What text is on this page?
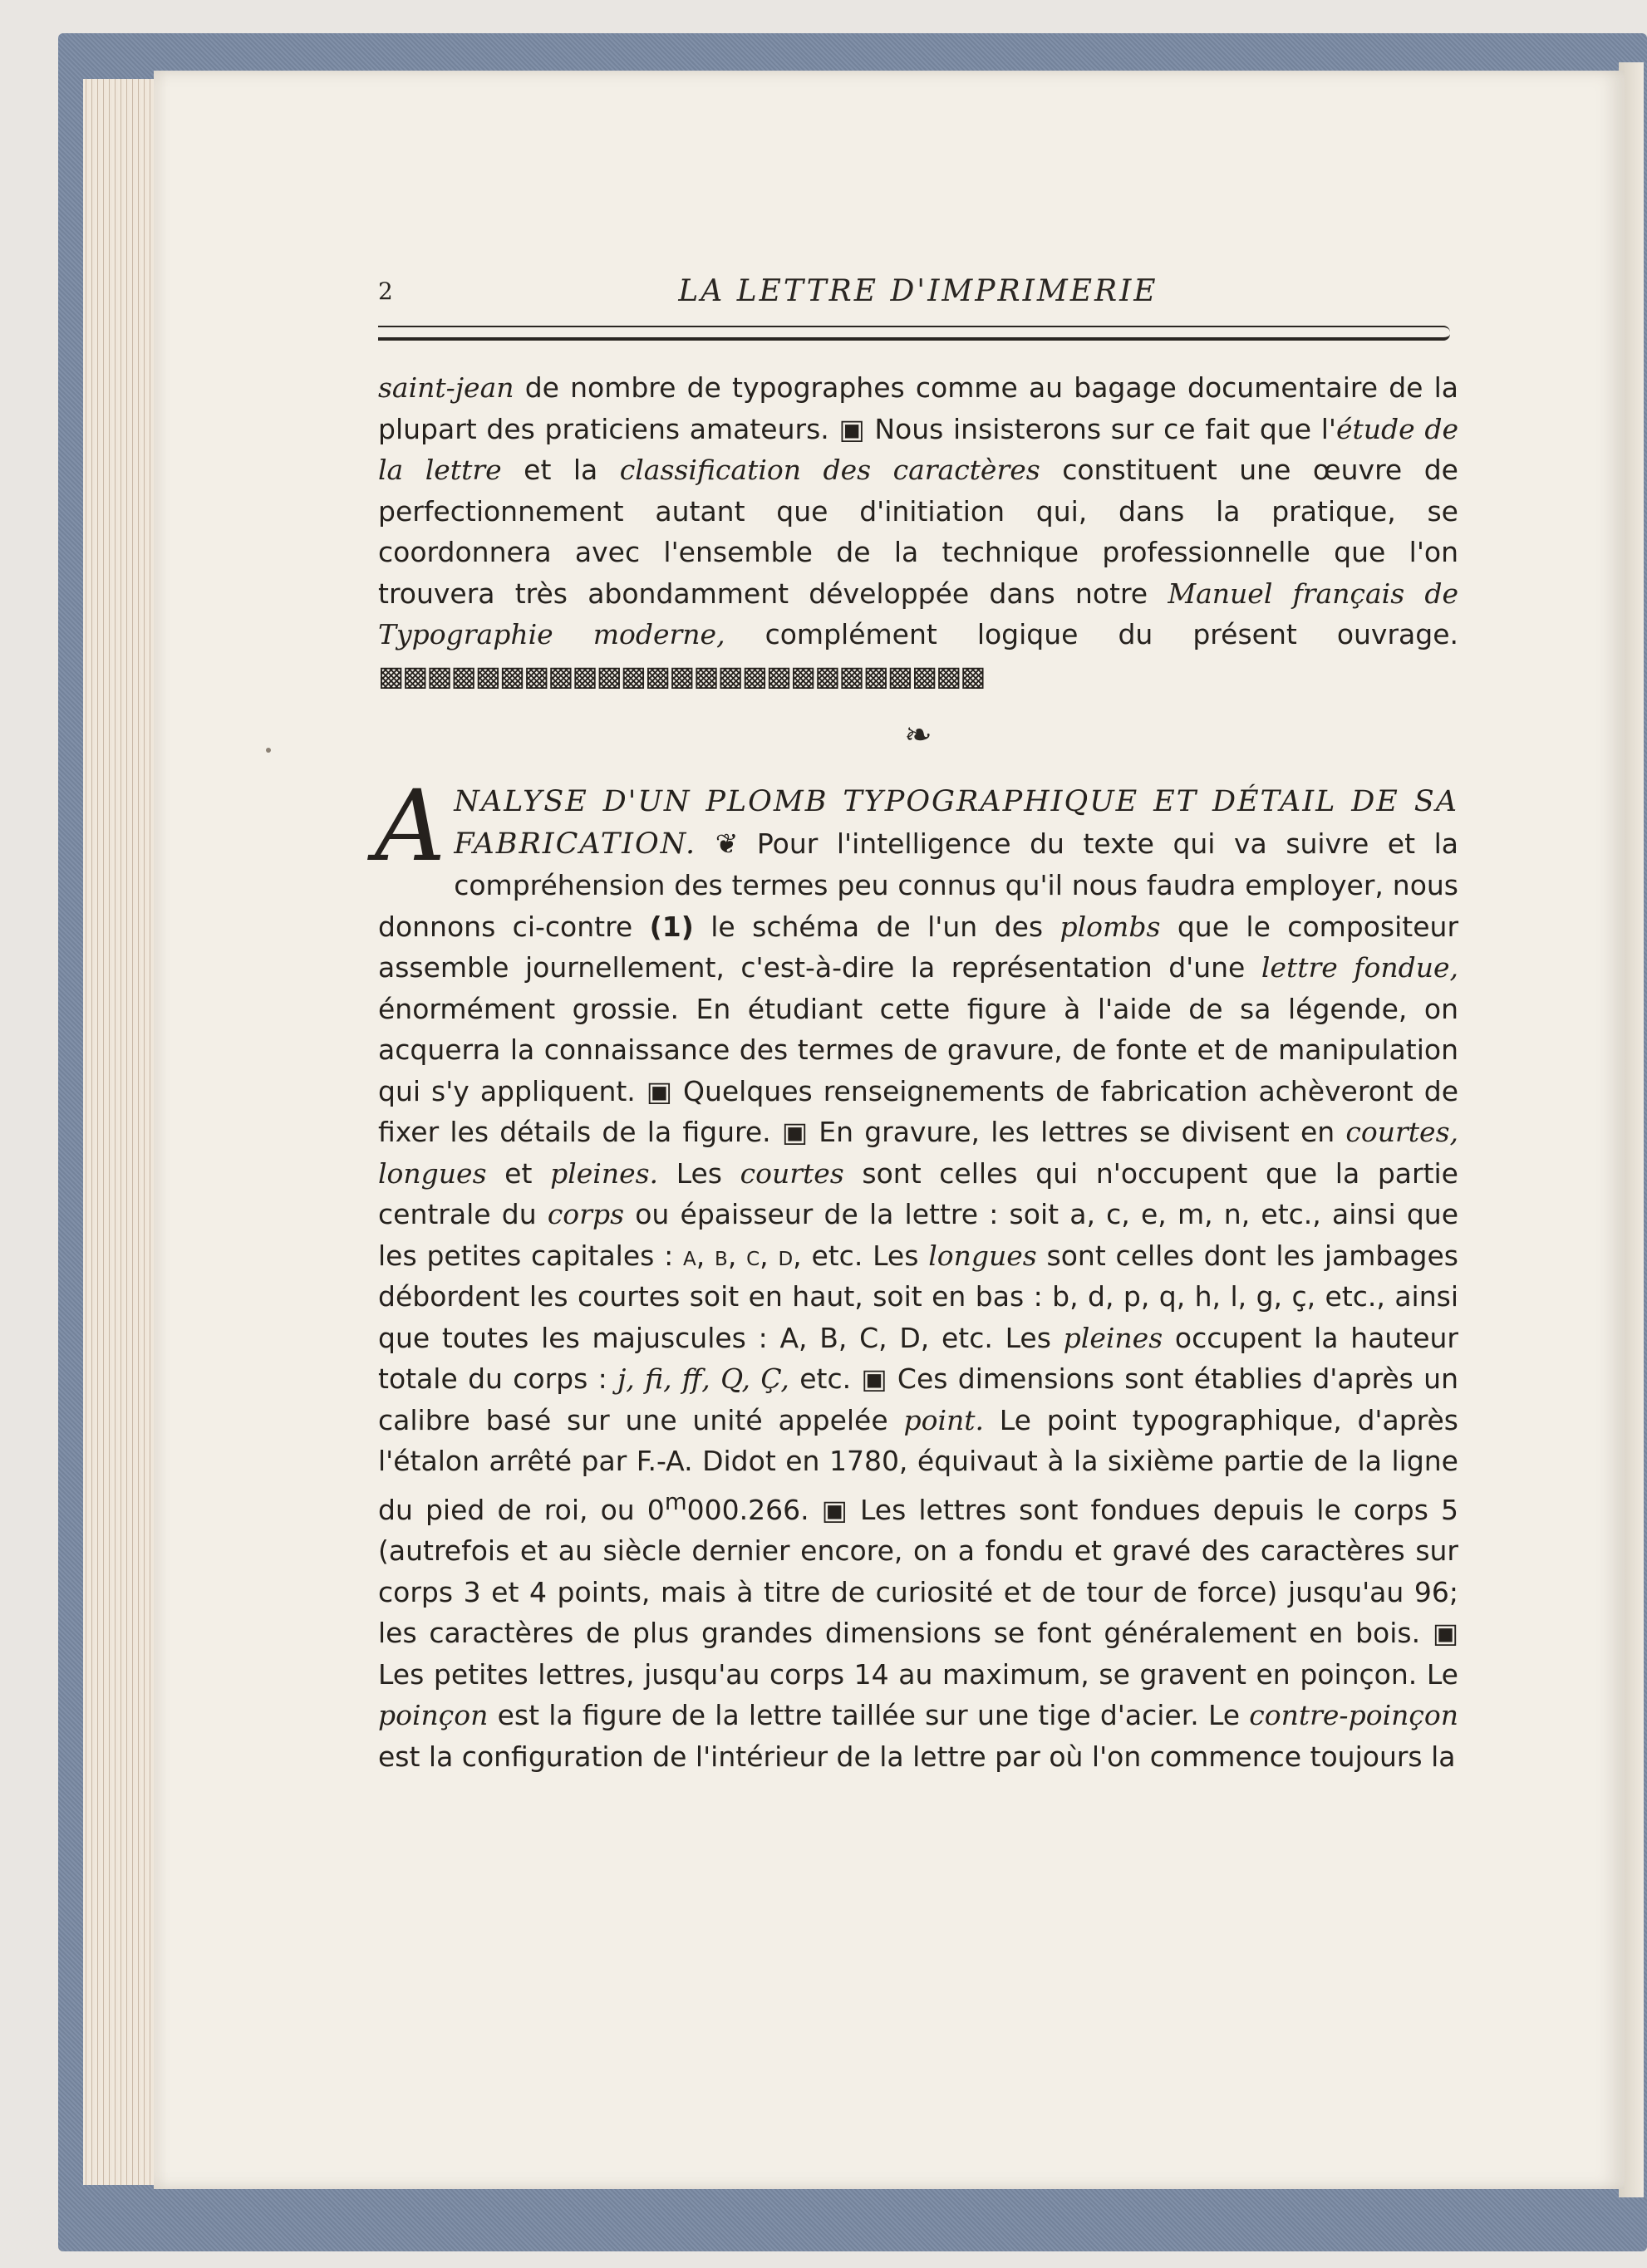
2	LA LETTRE D'IMPRIMERIE
saint-jean de nombre de typographes comme au bagage documentaire de la plupart des praticiens amateurs. ▣ Nous insisterons sur ce fait que l'étude de la lettre et la classification des caractères constituent une œuvre de perfectionnement autant que d'initiation qui, dans la pratique, se coordonnera avec l'ensemble de la technique professionnelle que l'on trouvera très abondamment développée dans notre Manuel français de Typographie moderne, complément logique du présent ouvrage. ▩▩▩▩▩▩▩▩▩▩▩▩▩▩▩▩▩▩▩▩▩▩▩▩▩
❧
ANALYSE D'UN PLOMB TYPOGRAPHIQUE ET DÉTAIL DE SA FABRICATION. ❦ Pour l'intelligence du texte qui va suivre et la compréhension des termes peu connus qu'il nous faudra employer, nous donnons ci-contre (1) le schéma de l'un des plombs que le compositeur assemble journellement, c'est-à-dire la représentation d'une lettre fondue, énormément grossie. En étudiant cette figure à l'aide de sa légende, on acquerra la connaissance des termes de gravure, de fonte et de manipulation qui s'y appliquent. ▣ Quelques renseignements de fabrication achèveront de fixer les détails de la figure. ▣ En gravure, les lettres se divisent en courtes, longues et pleines. Les courtes sont celles qui n'occupent que la partie centrale du corps ou épaisseur de la lettre : soit a, c, e, m, n, etc., ainsi que les petites capitales : a, b, c, d, etc. Les longues sont celles dont les jambages débordent les courtes soit en haut, soit en bas : b, d, p, q, h, l, g, ç, etc., ainsi que toutes les majuscules : A, B, C, D, etc. Les pleines occupent la hauteur totale du corps : j, fi, ff, Q, Ç, etc. ▣ Ces dimensions sont établies d'après un calibre basé sur une unité appelée point. Le point typographique, d'après l'étalon arrêté par F.-A. Didot en 1780, équivaut à la sixième partie de la ligne du pied de roi, ou 0$^m$000.266. ▣ Les lettres sont fondues depuis le corps 5 (autrefois et au siècle dernier encore, on a fondu et gravé des caractères sur corps 3 et 4 points, mais à titre de curiosité et de tour de force) jusqu'au 96; les caractères de plus grandes dimensions se font généralement en bois. ▣ Les petites lettres, jusqu'au corps 14 au maximum, se gravent en poinçon. Le poinçon est la figure de la lettre taillée sur une tige d'acier. Le contre-poinçon est la configuration de l'intérieur de la lettre par où l'on commence toujours la
